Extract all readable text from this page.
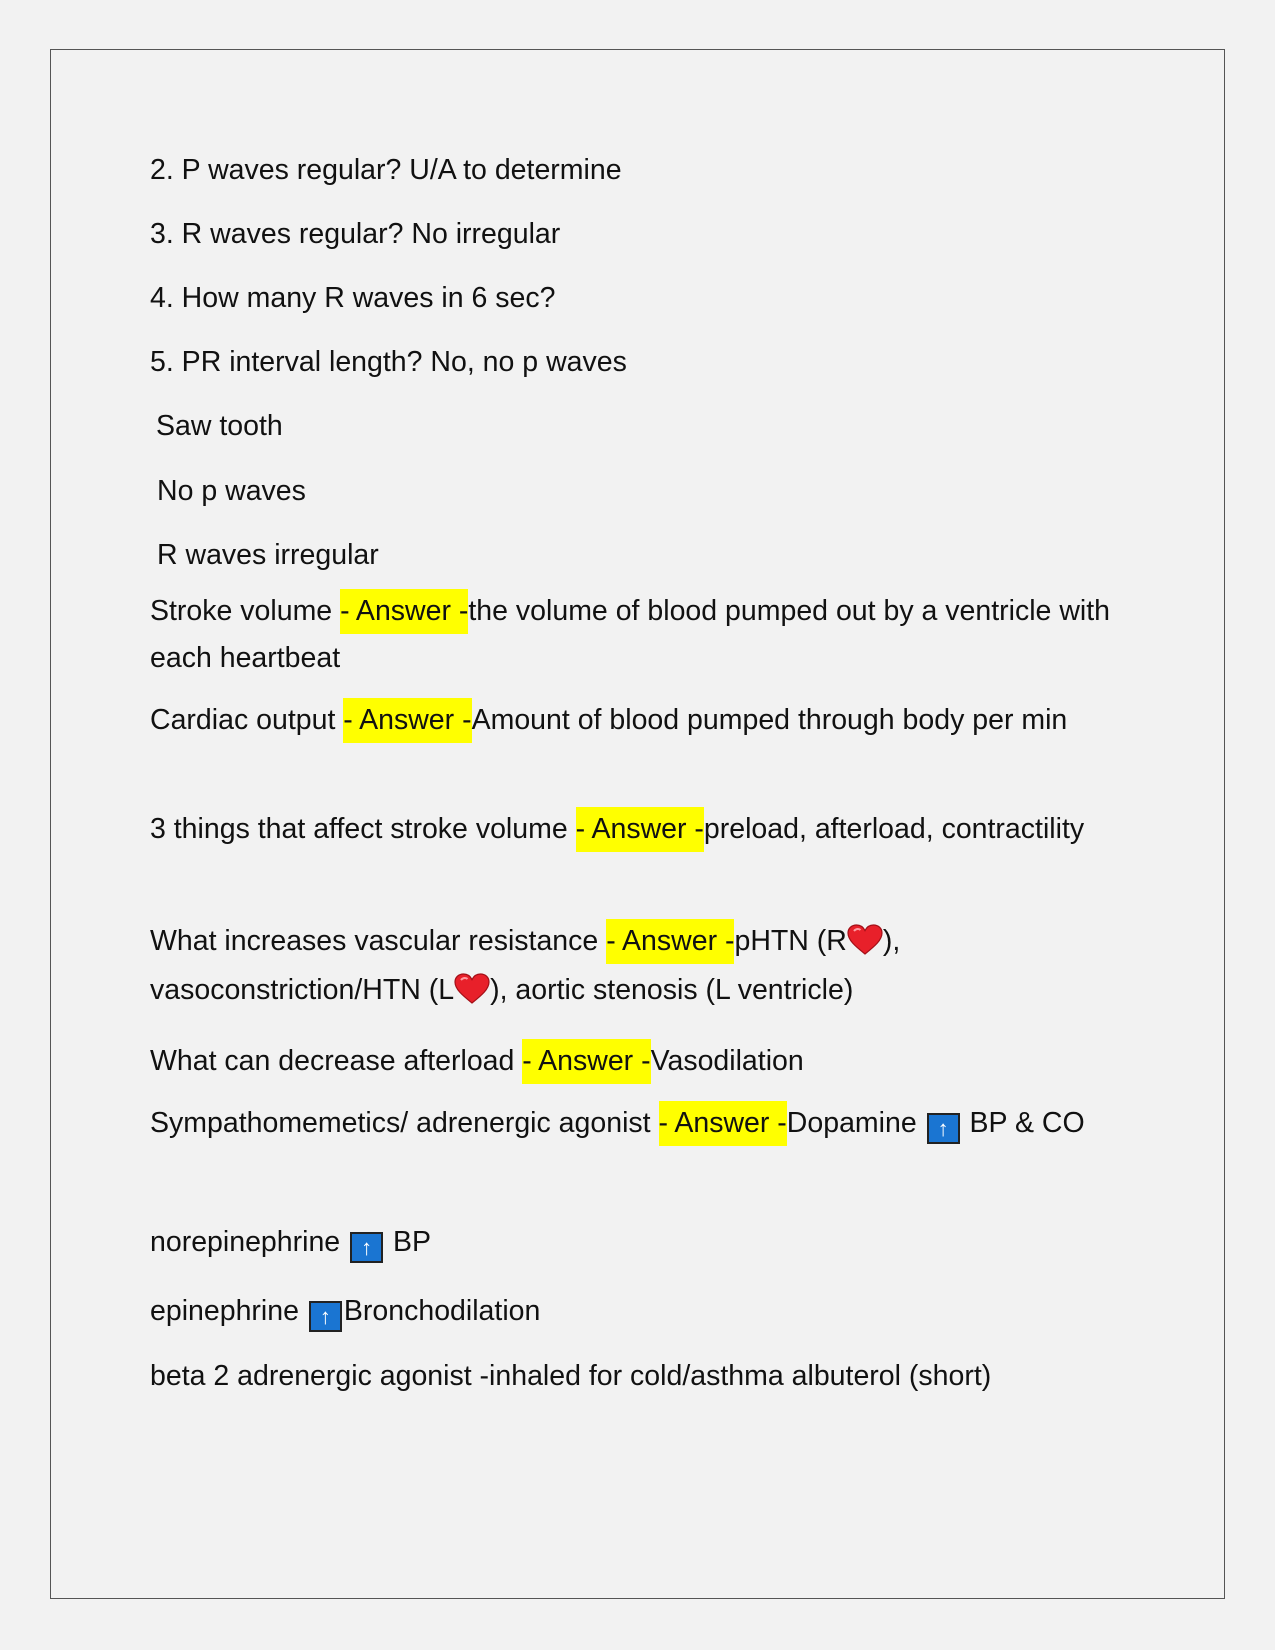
2. P waves regular? U/A to determine
3. R waves regular? No irregular
4. How many R waves in 6 sec?
5. PR interval length? No, no p waves
Saw tooth
No p waves
R waves irregular
Stroke volume - Answer -the volume of blood pumped out by a ventricle with each heartbeat
Cardiac output - Answer -Amount of blood pumped through body per min
3 things that affect stroke volume - Answer -preload, afterload, contractility
What increases vascular resistance - Answer -pHTN (R ), vasoconstriction/HTN (L ), aortic stenosis (L ventricle)
What can decrease afterload - Answer -Vasodilation
Sympathomemetics/ adrenergic agonist - Answer -Dopamine ↑ BP & CO
norepinephrine ↑ BP
epinephrine ↑ Bronchodilation
beta 2 adrenergic agonist -inhaled for cold/asthma albuterol (short)
